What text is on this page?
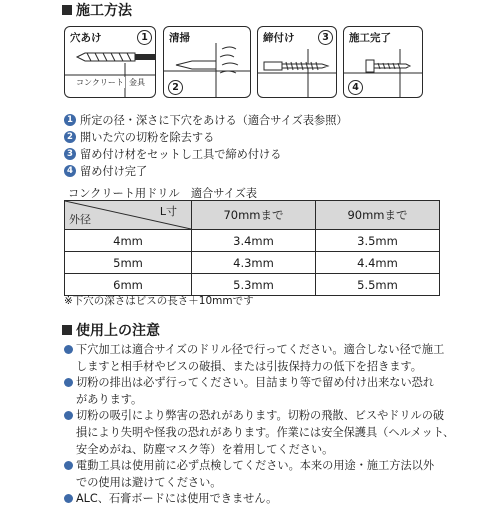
施工方法
穴あけ	1
コンクリート 金具
清掃
2
締付け	3	施工完了
4
1 所定の径・深さに下穴をあける（適合サイズ表参照）
2 開いた穴の切粉を除去する
3 留め付け材をセットし工具で締め付ける
4 留め付け完了
コンクリート用ドリル　適合サイズ表
L寸
外径	70mmまで	90mmまで
4mm	3.4mm	3.5mm
5mm	4.3mm	4.4mm
6mm	5.3mm	5.5mm
※下穴の深さはビスの長さ＋10mmです
使用上の注意
下穴加工は適合サイズのドリル径で行ってください。適合しない径で施工
しますと相手材やビスの破損、または引抜保持力の低下を招きます。
切粉の排出は必ず行ってください。目詰まり等で留め付け出来ない恐れ
があります。
切粉の吸引により弊害の恐れがあります。切粉の飛散、ビスやドリルの破
損により失明や怪我の恐れがあります。作業には安全保護具（ヘルメット、
安全めがね、防塵マスク等）を着用してください。
電動工具は使用前に必ず点検してください。本来の用途・施工方法以外
での使用は避けてください。
ALC、石膏ボードには使用できません。
